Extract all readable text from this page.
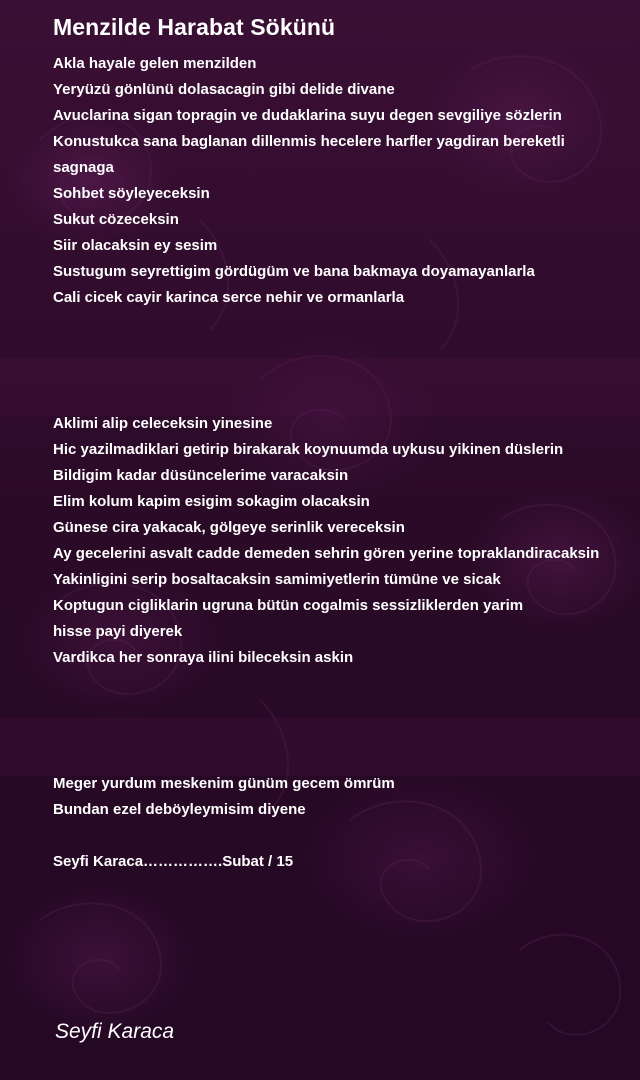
Menzilde Harabat Sökünü
Akla hayale gelen menzilden
Yeryüzü gönlünü dolasacagin gibi delide divane
Avuclarina sigan topragin ve dudaklarina suyu degen sevgiliye sözlerin
Konustukca sana baglanan dillenmis hecelere harfler yagdiran bereketli sagnaga
Sohbet söyleyeceksin
Sukut cözeceksin
Siir olacaksin ey sesim
Sustugum seyrettigim gördügüm ve bana bakmaya doyamayanlarla
Cali cicek cayir karinca serce nehir ve ormanlarla
Aklimi alip celeceksin yinesine
Hic yazilmadiklari getirip birakarak koynuumda uykusu yikinen düslerin
Bildigim kadar düsüncelerime varacaksin
Elim kolum kapim esigim sokagim olacaksin
Günese cira yakacak, gölgeye serinlik vereceksin
Ay gecelerini asvalt cadde demeden sehrin gören yerine topraklandiracaksin
Yakinligini serip bosaltacaksin samimiyetlerin tümüne ve sicak
Koptugun cigliklarin ugruna bütün cogalmis sessizliklerden yarim
hisse payi diyerek
Vardikca her sonraya ilini bileceksin askin
Meger yurdum meskenim günüm gecem ömrüm
Bundan ezel deböyleymisim diyene
Seyfi Karaca…………….Subat / 15
Seyfi Karaca
